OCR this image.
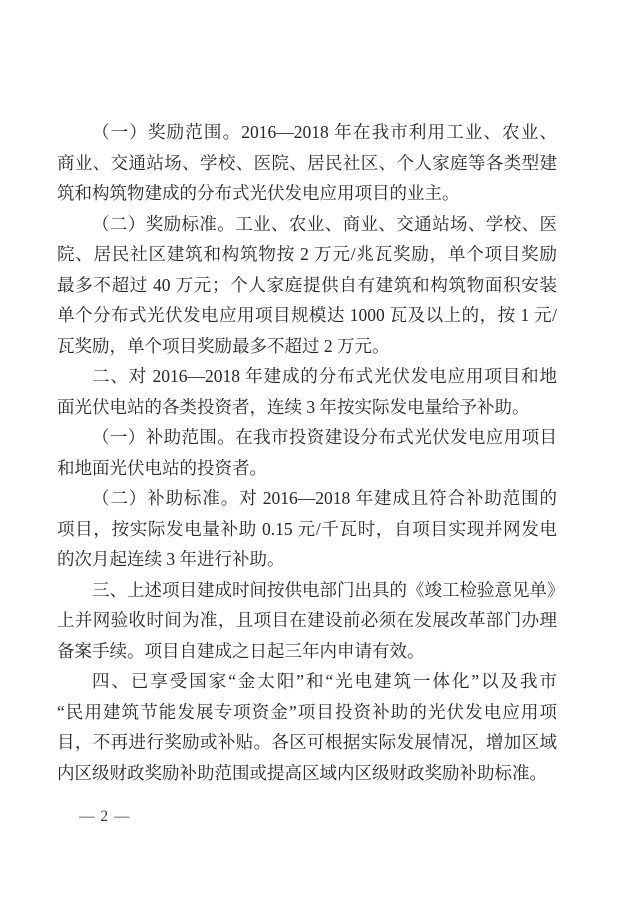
（一）奖励范围。2016—2018 年在我市利用工业、农业、
商业、交通站场、学校、医院、居民社区、个人家庭等各类型建
筑和构筑物建成的分布式光伏发电应用项目的业主。
（二）奖励标准。工业、农业、商业、交通站场、学校、医
院、居民社区建筑和构筑物按 2 万元/兆瓦奖励，单个项目奖励
最多不超过 40 万元；个人家庭提供自有建筑和构筑物面积安装
单个分布式光伏发电应用项目规模达 1000 瓦及以上的，按 1 元/
瓦奖励，单个项目奖励最多不超过 2 万元。
二、对 2016—2018 年建成的分布式光伏发电应用项目和地
面光伏电站的各类投资者，连续 3 年按实际发电量给予补助。
（一）补助范围。在我市投资建设分布式光伏发电应用项目
和地面光伏电站的投资者。
（二）补助标准。对 2016—2018 年建成且符合补助范围的
项目，按实际发电量补助 0.15 元/千瓦时，自项目实现并网发电
的次月起连续 3 年进行补助。
三、上述项目建成时间按供电部门出具的《竣工检验意见单》
上并网验收时间为准，且项目在建设前必须在发展改革部门办理
备案手续。项目自建成之日起三年内申请有效。
四、已享受国家“金太阳”和“光电建筑一体化”以及我市
“民用建筑节能发展专项资金”项目投资补助的光伏发电应用项
目，不再进行奖励或补贴。各区可根据实际发展情况，增加区域
内区级财政奖励补助范围或提高区域内区级财政奖励补助标准。
— 2 —
